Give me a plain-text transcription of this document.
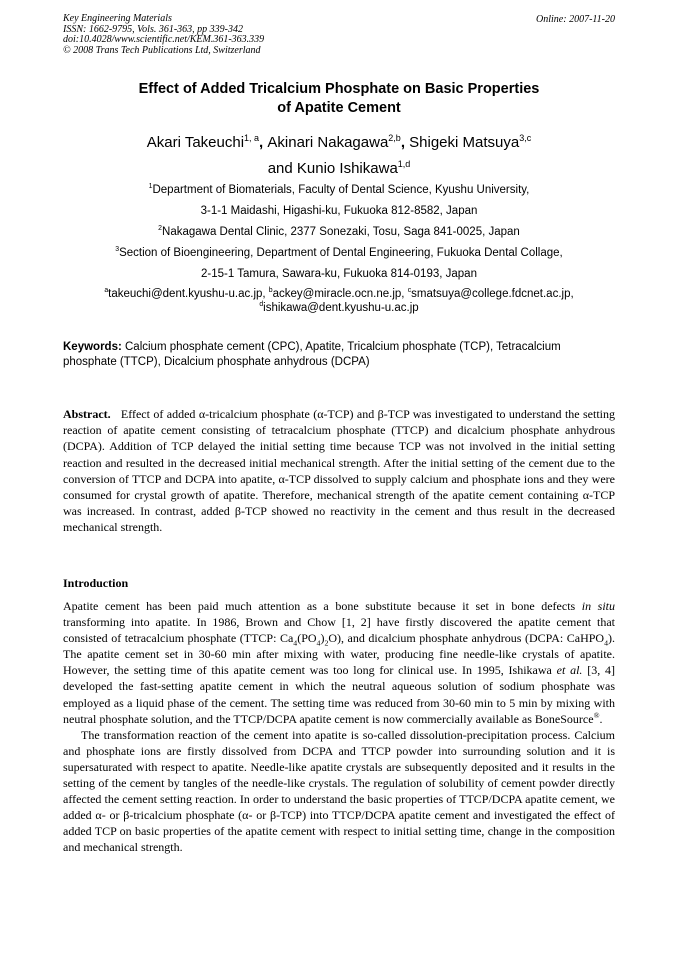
Key Engineering Materials
ISSN: 1662-9795, Vols. 361-363, pp 339-342
doi:10.4028/www.scientific.net/KEM.361-363.339
© 2008 Trans Tech Publications Ltd, Switzerland
Online: 2007-11-20
Effect of Added Tricalcium Phosphate on Basic Properties
of Apatite Cement
Akari Takeuchi$^{1, a}$, Akinari Nakagawa$^{2,b}$, Shigeki Matsuya$^{3,c}$
and Kunio Ishikawa$^{1,d}$
$^1$Department of Biomaterials, Faculty of Dental Science, Kyushu University,
3-1-1 Maidashi, Higashi-ku, Fukuoka 812-8582, Japan
$^2$Nakagawa Dental Clinic, 2377 Sonezaki, Tosu, Saga 841-0025, Japan
$^3$Section of Bioengineering, Department of Dental Engineering, Fukuoka Dental Collage,
2-15-1 Tamura, Sawara-ku, Fukuoka 814-0193, Japan
$^a$takeuchi@dent.kyushu-u.ac.jp, $^b$ackey@miracle.ocn.ne.jp, $^c$smatsuya@college.fdcnet.ac.jp,
$^d$ishikawa@dent.kyushu-u.ac.jp
Keywords: Calcium phosphate cement (CPC), Apatite, Tricalcium phosphate (TCP), Tetracalcium phosphate (TTCP), Dicalcium phosphate anhydrous (DCPA)
Abstract. Effect of added α-tricalcium phosphate (α-TCP) and β-TCP was investigated to understand the setting reaction of apatite cement consisting of tetracalcium phosphate (TTCP) and dicalcium phosphate anhydrous (DCPA). Addition of TCP delayed the initial setting time because TCP was not involved in the initial setting reaction and resulted in the decreased initial mechanical strength. After the initial setting of the cement due to the conversion of TTCP and DCPA into apatite, α-TCP dissolved to supply calcium and phosphate ions and they were consumed for crystal growth of apatite. Therefore, mechanical strength of the apatite cement containing α-TCP was increased. In contrast, added β-TCP showed no reactivity in the cement and thus result in the decreased mechanical strength.
Introduction

Apatite cement has been paid much attention as a bone substitute because it set in bone defects in situ transforming into apatite. In 1986, Brown and Chow [1, 2] have firstly discovered the apatite cement that consisted of tetracalcium phosphate (TTCP: $Ca_4(PO_4)_2O$), and dicalcium phosphate anhydrous (DCPA: CaHPO$_4$). The apatite cement set in 30-60 min after mixing with water, producing fine needle-like crystals of apatite. However, the setting time of this apatite cement was too long for clinical use. In 1995, Ishikawa et al. [3, 4] developed the fast-setting apatite cement in which the neutral aqueous solution of sodium phosphate was employed as a liquid phase of the cement. The setting time was reduced from 30-60 min to 5 min by mixing with neutral phosphate solution, and the TTCP/DCPA apatite cement is now commercially available as BoneSource®.

The transformation reaction of the cement into apatite is so-called dissolution-precipitation process. Calcium and phosphate ions are firstly dissolved from DCPA and TTCP powder into surrounding solution and it is supersaturated with respect to apatite. Needle-like apatite crystals are subsequently deposited and it results in the setting of the cement by tangles of the needle-like crystals. The regulation of solubility of cement powder directly affected the cement setting reaction. In order to understand the basic properties of TTCP/DCPA apatite cement, we added α- or β-tricalcium phosphate (α- or β-TCP) into TTCP/DCPA apatite cement and investigated the effect of added TCP on basic properties of the apatite cement with respect to initial setting time, change in the composition and mechanical strength.
